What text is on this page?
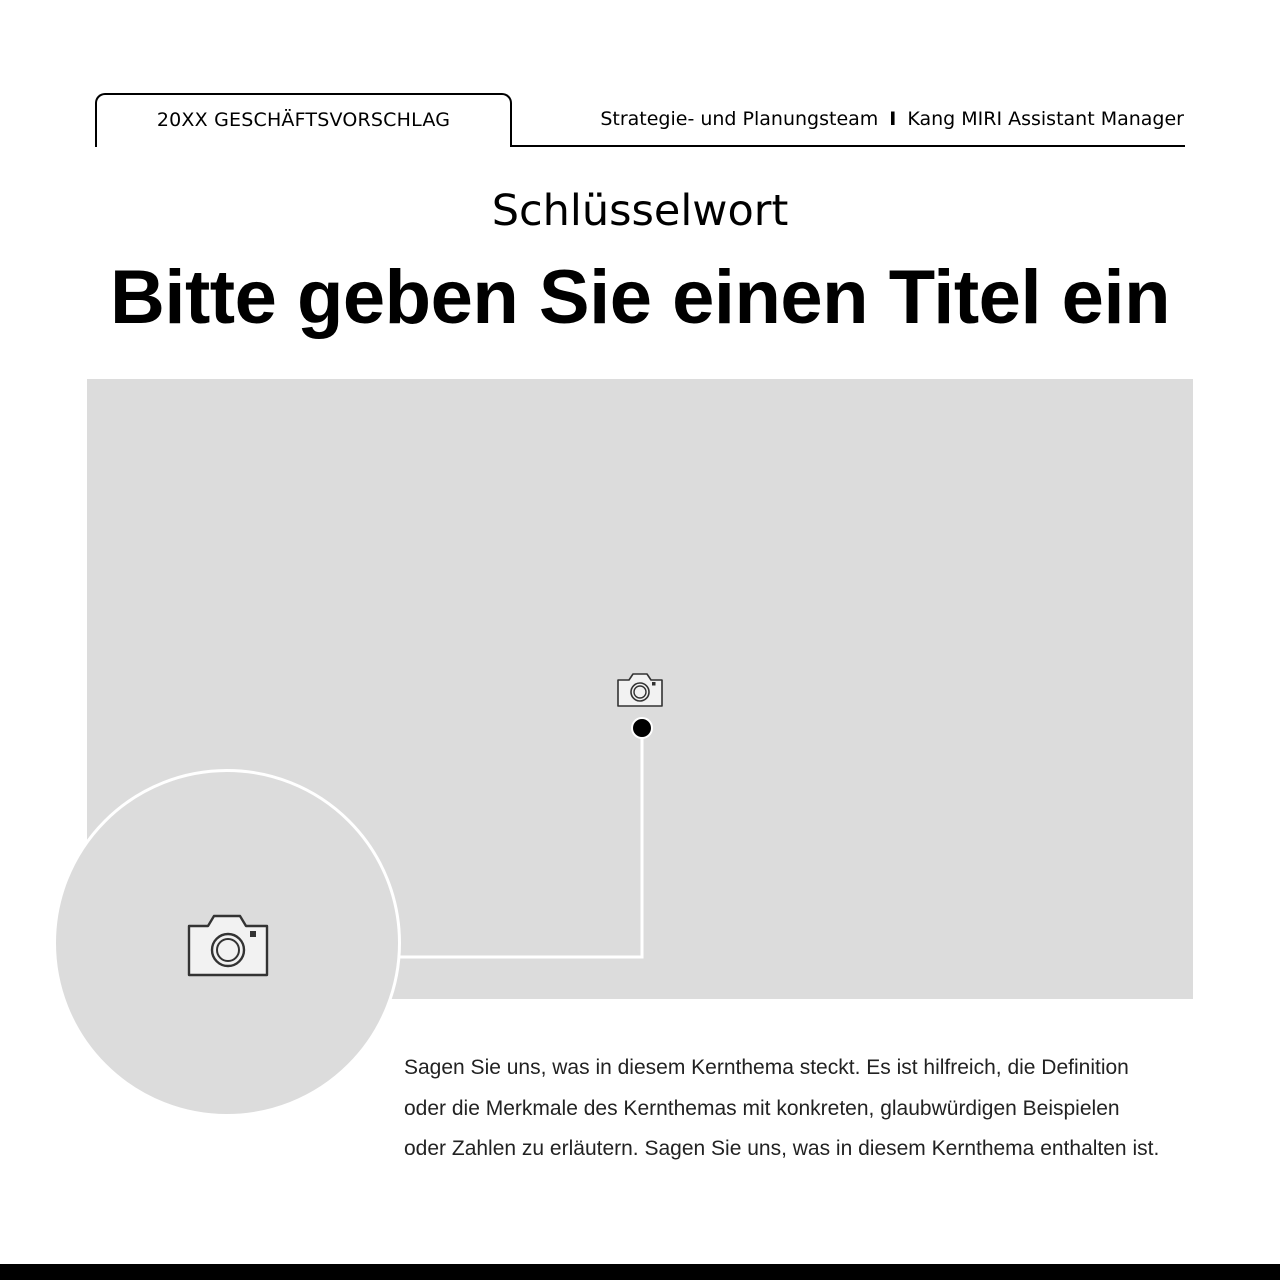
20XX GESCHÄFTSVORSCHLAG	Strategie- und Planungsteam I Kang MIRI Assistant Manager
Schlüsselwort
Bitte geben Sie einen Titel ein
Sagen Sie uns, was in diesem Kernthema steckt. Es ist hilfreich, die Definition
oder die Merkmale des Kernthemas mit konkreten, glaubwürdigen Beispielen
oder Zahlen zu erläutern. Sagen Sie uns, was in diesem Kernthema enthalten ist.
